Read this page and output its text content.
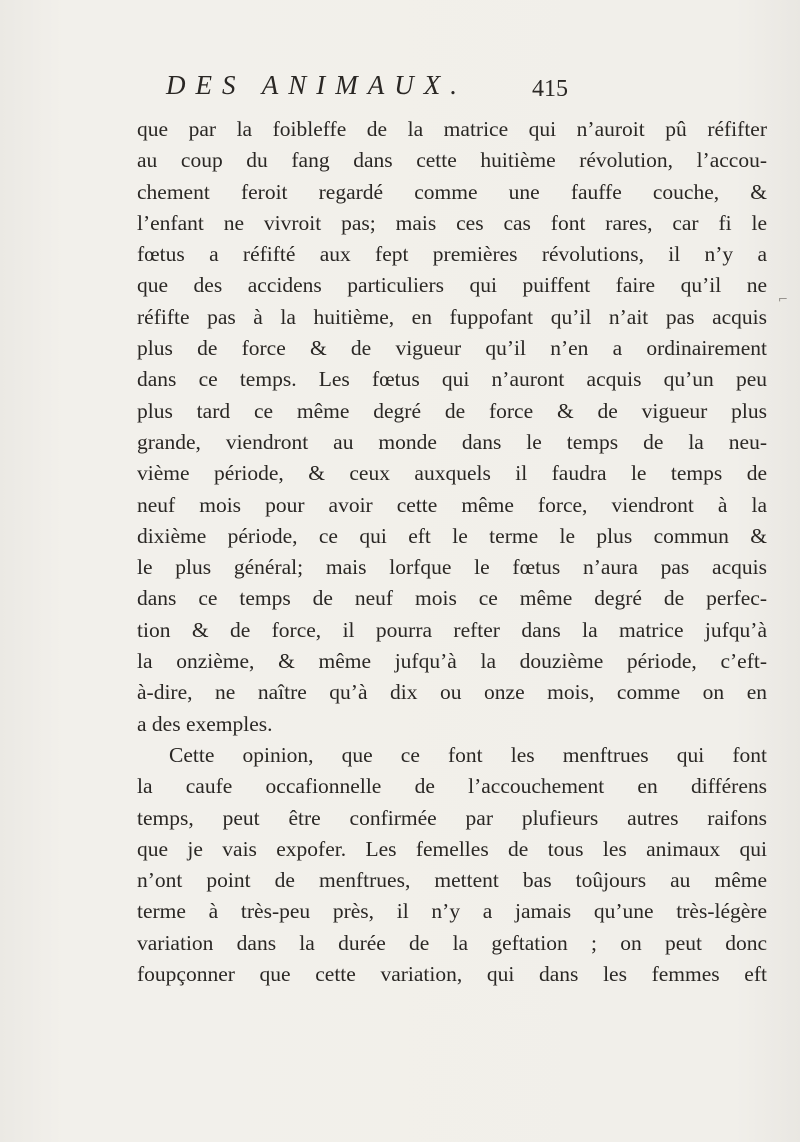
DES ANIMAUX.	415
que par la foibleffe de la matrice qui n’auroit pû réfifter
au coup du fang dans cette huitième révolution, l’accou-
chement feroit regardé comme une fauffe couche, &
l’enfant ne vivroit pas; mais ces cas font rares, car fi le
fœtus a réfifté aux fept premières révolutions, il n’y a
que des accidens particuliers qui puiffent faire qu’il ne
réfifte pas à la huitième, en fuppofant qu’il n’ait pas acquis
plus de force & de vigueur qu’il n’en a ordinairement
dans ce temps. Les fœtus qui n’auront acquis qu’un peu
plus tard ce même degré de force & de vigueur plus
grande, viendront au monde dans le temps de la neu-
vième période, & ceux auxquels il faudra le temps de
neuf mois pour avoir cette même force, viendront à la
dixième période, ce qui eft le terme le plus commun &
le plus général; mais lorfque le fœtus n’aura pas acquis
dans ce temps de neuf mois ce même degré de perfec-
tion & de force, il pourra refter dans la matrice jufqu’à
la onzième, & même jufqu’à la douzième période, c’eft-
à-dire, ne naître qu’à dix ou onze mois, comme on en
a des exemples.
Cette opinion, que ce font les menftrues qui font
la caufe occafionnelle de l’accouchement en différens
temps, peut être confirmée par plufieurs autres raifons
que je vais expofer. Les femelles de tous les animaux qui
n’ont point de menftrues, mettent bas toûjours au même
terme à très-peu près, il n’y a jamais qu’une très-légère
variation dans la durée de la geftation ; on peut donc
foupçonner que cette variation, qui dans les femmes eft
⌐
